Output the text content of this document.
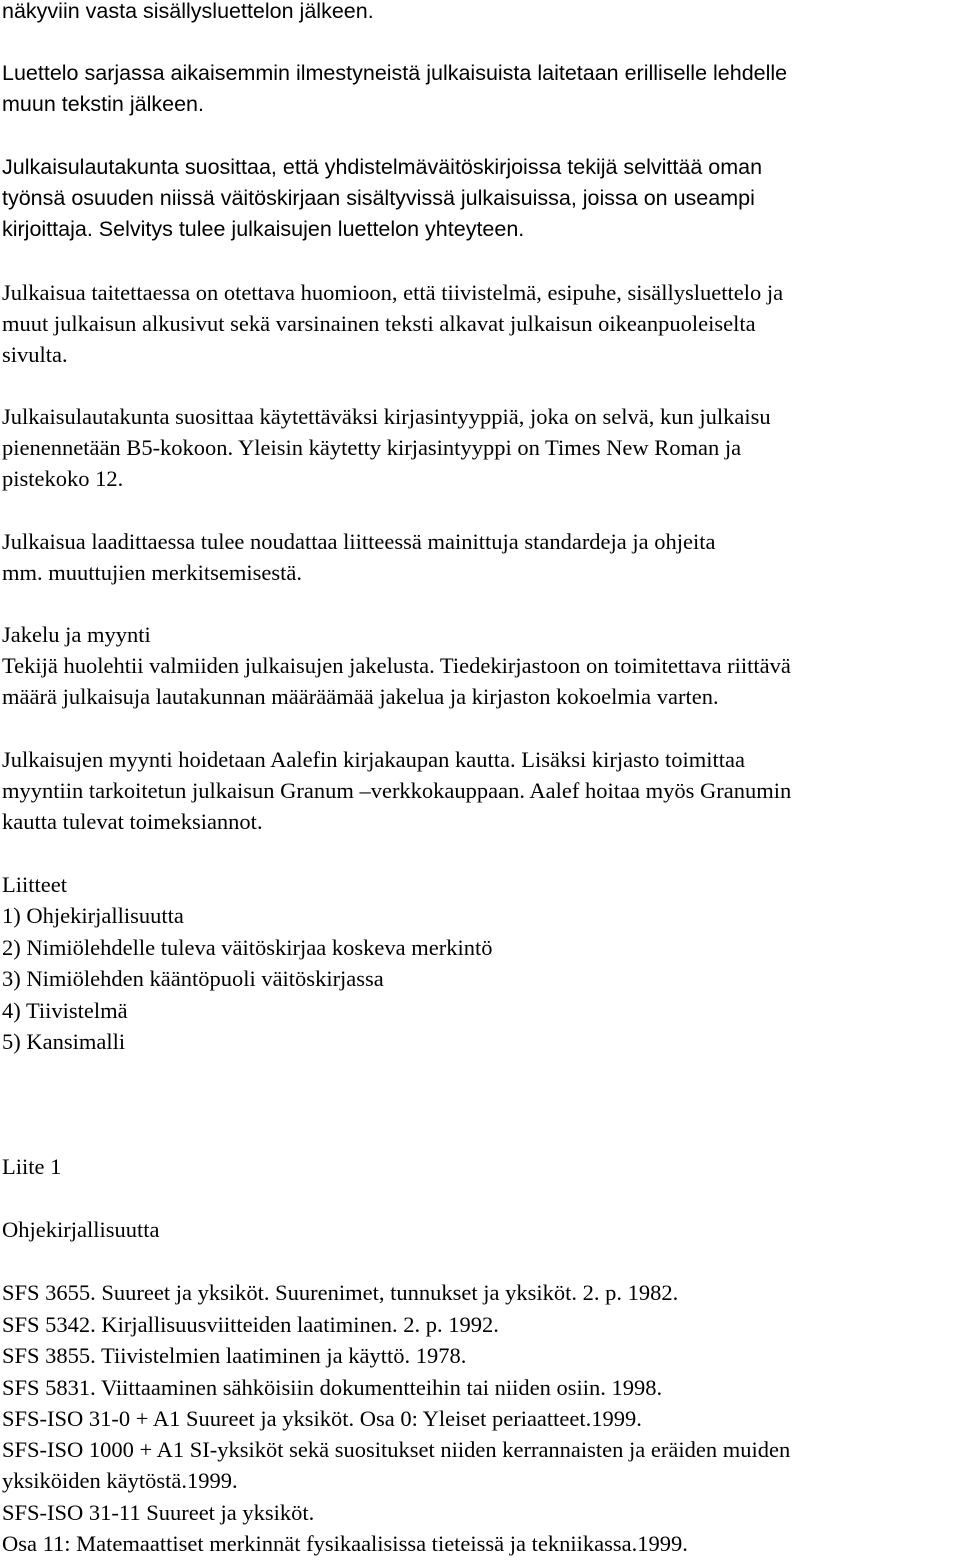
näkyviin vasta sisällysluettelon jälkeen.
Luettelo sarjassa aikaisemmin ilmestyneistä julkaisuista laitetaan erilliselle lehdelle
muun tekstin jälkeen.
Julkaisulautakunta suosittaa, että yhdistelmäväitöskirjoissa tekijä selvittää oman
työnsä osuuden niissä väitöskirjaan sisältyvissä julkaisuissa, joissa on useampi
kirjoittaja. Selvitys tulee julkaisujen luettelon yhteyteen.
Julkaisua taitettaessa on otettava huomioon, että tiivistelmä, esipuhe, sisällysluettelo ja
muut julkaisun alkusivut sekä varsinainen teksti alkavat julkaisun oikeanpuoleiselta
sivulta.
Julkaisulautakunta suosittaa käytettäväksi kirjasintyyppiä, joka on selvä, kun julkaisu
pienennetään B5-kokoon. Yleisin käytetty kirjasintyyppi on Times New Roman ja
pistekoko 12.
Julkaisua laadittaessa tulee noudattaa liitteessä mainittuja standardeja ja ohjeita
mm. muuttujien merkitsemisestä.
Jakelu ja myynti
Tekijä huolehtii valmiiden julkaisujen jakelusta. Tiedekirjastoon on toimitettava riittävä
määrä julkaisuja lautakunnan määräämää jakelua ja kirjaston kokoelmia varten.
Julkaisujen myynti hoidetaan Aalefin kirjakaupan kautta. Lisäksi kirjasto toimittaa
myyntiin tarkoitetun julkaisun Granum –verkkokauppaan. Aalef hoitaa myös Granumin
kautta tulevat toimeksiannot.
Liitteet
1) Ohjekirjallisuutta
2) Nimiölehdelle tuleva väitöskirjaa koskeva merkintö
3) Nimiölehden kääntöpuoli väitöskirjassa
4) Tiivistelmä
5) Kansimalli
Liite 1
Ohjekirjallisuutta
SFS 3655. Suureet ja yksiköt. Suurenimet, tunnukset ja yksiköt. 2. p. 1982.
SFS 5342. Kirjallisuusviitteiden laatiminen. 2. p. 1992.
SFS 3855. Tiivistelmien laatiminen ja käyttö. 1978.
SFS 5831. Viittaaminen sähköisiin dokumentteihin tai niiden osiin. 1998.
SFS-ISO 31-0 + A1 Suureet ja yksiköt. Osa 0: Yleiset periaatteet.1999.
SFS-ISO 1000 + A1 SI-yksiköt sekä suositukset niiden kerrannaisten ja eräiden muiden
yksiköiden käytöstä.1999.
SFS-ISO 31-11 Suureet ja yksiköt.
Osa 11: Matemaattiset merkinnät fysikaalisissa tieteissä ja tekniikassa.1999.
